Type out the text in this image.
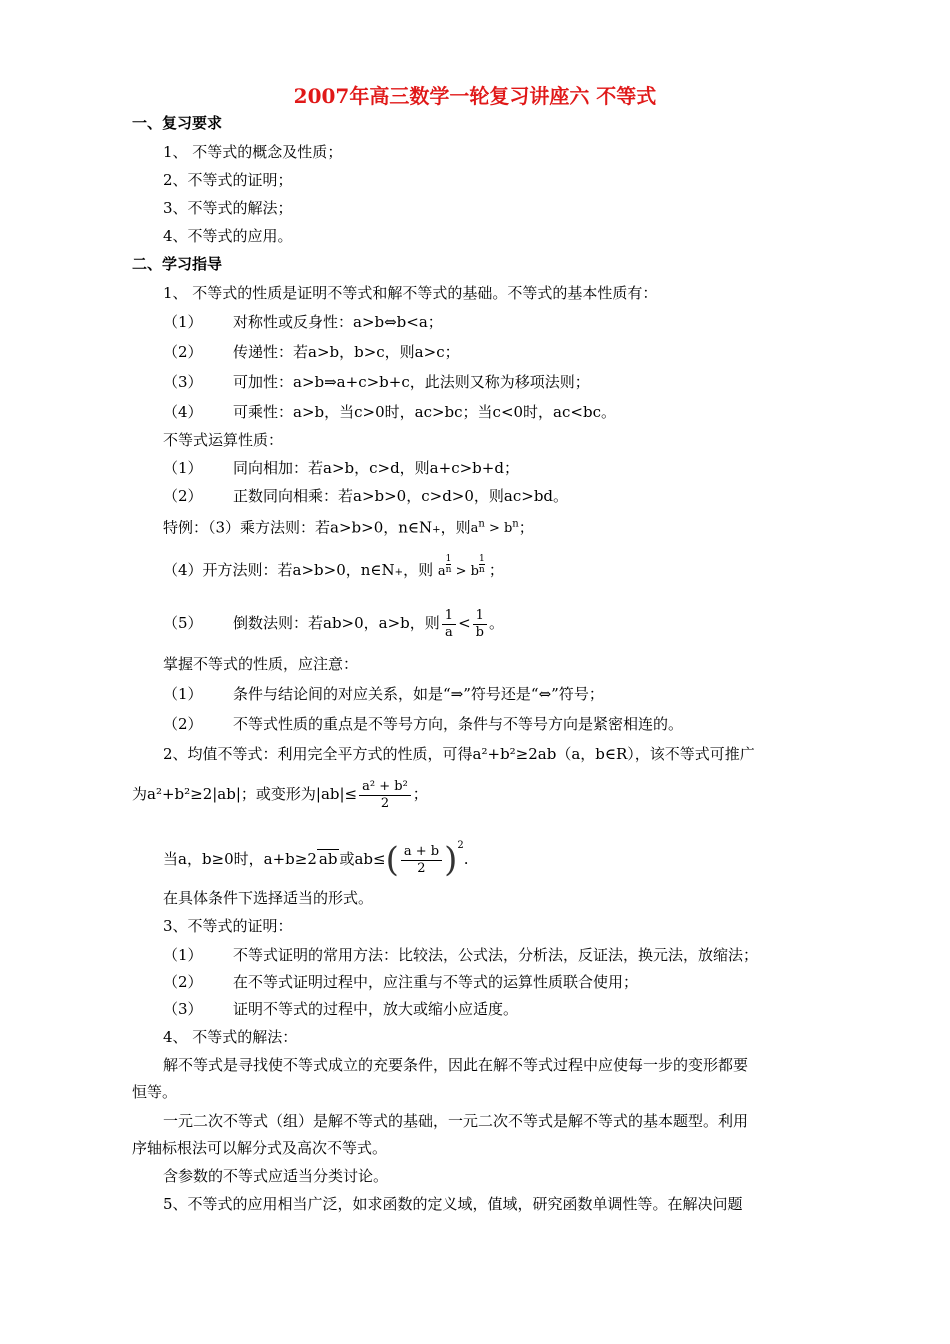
2007年高三数学一轮复习讲座六 不等式
一、复习要求
1、 不等式的概念及性质；
2、不等式的证明；
3、不等式的解法；
4、不等式的应用。
二、学习指导
1、 不等式的性质是证明不等式和解不等式的基础。不等式的基本性质有：
（1） 对称性或反身性：a>b⇔b<a；
（2） 传递性：若a>b，b>c，则a>c；
（3） 可加性：a>b⇒a+c>b+c，此法则又称为移项法则；
（4） 可乘性：a>b，当c>0时，ac>bc；当c<0时，ac<bc。
不等式运算性质：
（1） 同向相加：若a>b，c>d，则a+c>b+d；
（2） 正数同向相乘：若a>b>0，c>d>0，则ac>bd。
特例：（3）乘方法则：若a>b>0，n∈N+，则$a^n > b^n$；
（4）开方法则：若a>b>0，n∈N+，则 a $\frac{1}{n} > b \frac{1}{n}$ ；
（5） 倒数法则：若ab>0，a>b，则 $\frac{1}{a} < \frac{1}{b}$ 。
掌握不等式的性质，应注意：
（1） 条件与结论间的对应关系，如是“⇒”符号还是“⇔”符号；
（2） 不等式性质的重点是不等号方向，条件与不等号方向是紧密相连的。
2、均值不等式：利用完全平方式的性质，可得a²+b²≥2ab（a，b∈R），该不等式可推广
为a²+b²≥2|ab|；或变形为$|ab|\le \frac{\text{a² + b²}}{2}$ ；
当a，b≥0时，a+b≥2 ab 或$ab\le( \frac{a + b}{2} )^2$.
在具体条件下选择适当的形式。
3、不等式的证明：
（1） 不等式证明的常用方法：比较法，公式法，分析法，反证法，换元法，放缩法；
（2） 在不等式证明过程中，应注重与不等式的运算性质联合使用；
（3） 证明不等式的过程中，放大或缩小应适度。
4、 不等式的解法：
解不等式是寻找使不等式成立的充要条件，因此在解不等式过程中应使每一步的变形都要
恒等。
一元二次不等式（组）是解不等式的基础，一元二次不等式是解不等式的基本题型。利用
序轴标根法可以解分式及高次不等式。
含参数的不等式应适当分类讨论。
5、不等式的应用相当广泛，如求函数的定义域，值域，研究函数单调性等。在解决问题
